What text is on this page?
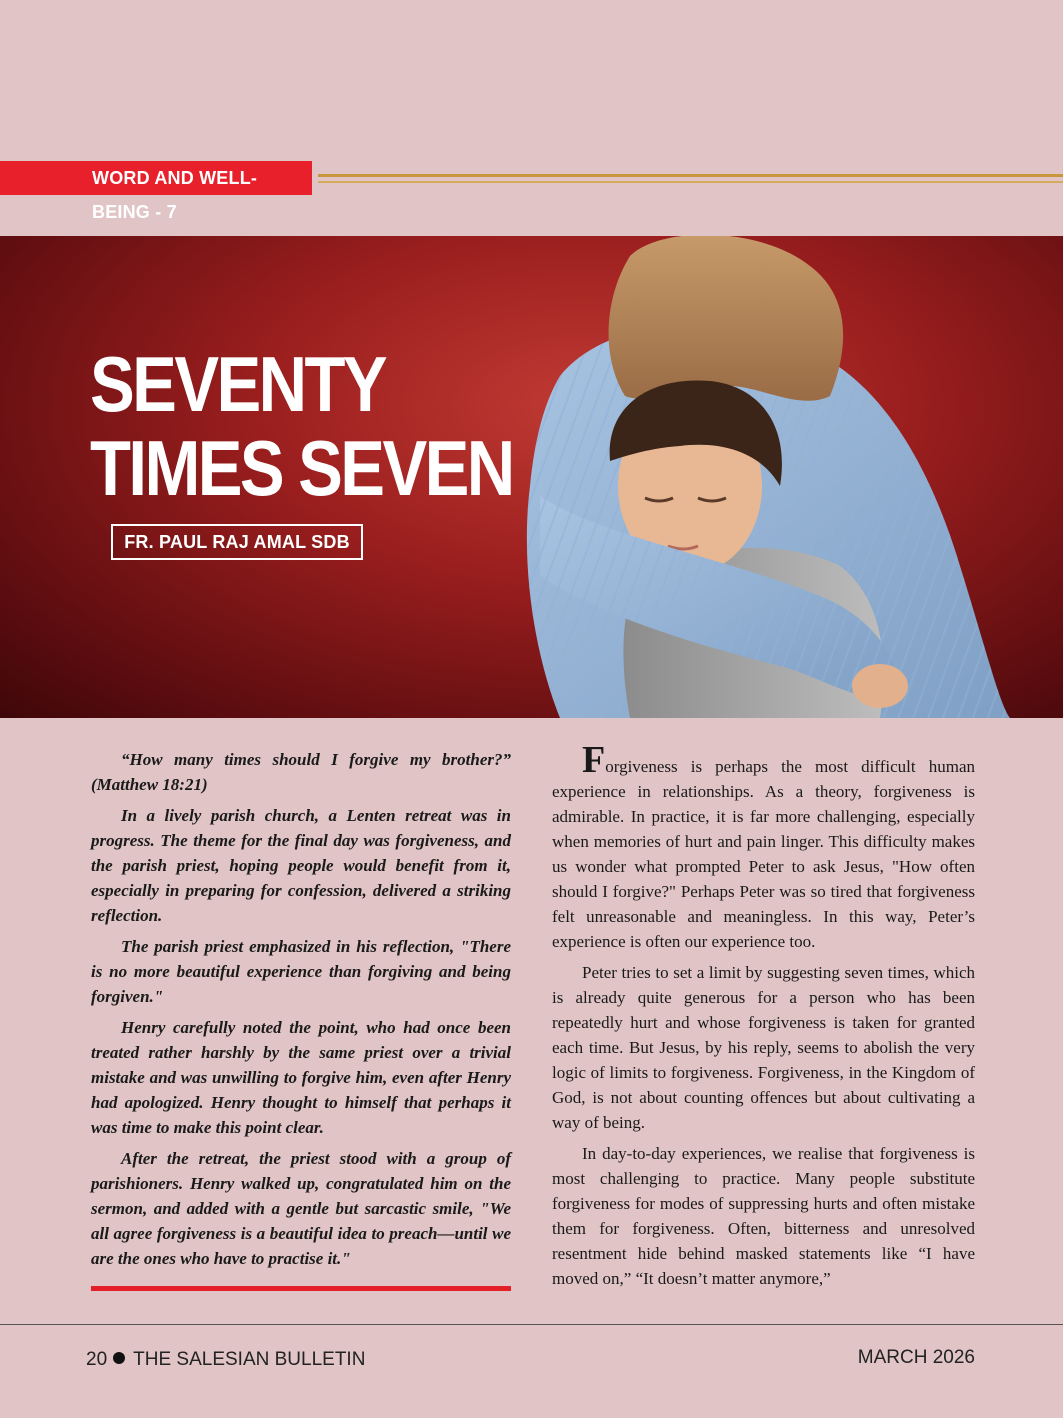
WORD AND WELL-BEING - 7
SEVENTY
TIMES SEVEN
FR. PAUL RAJ AMAL SDB

“How many times should I forgive my brother?” (Matthew 18:21)

In a lively parish church, a Lenten retreat was in progress. The theme for the final day was forgiveness, and the parish priest, hoping people would benefit from it, especially in preparing for confession, delivered a striking reflection.

The parish priest emphasized in his reflection, "There is no more beautiful experience than forgiving and being forgiven."

Henry carefully noted the point, who had once been treated rather harshly by the same priest over a trivial mistake and was unwilling to forgive him, even after Henry had apologized. Henry thought to himself that perhaps it was time to make this point clear.

After the retreat, the priest stood with a group of parishioners. Henry walked up, congratulated him on the sermon, and added with a gentle but sarcastic smile, "We all agree forgiveness is a beautiful idea to preach—until we are the ones who have to practise it."

Forgiveness is perhaps the most difficult human experience in relationships. As a theory, forgiveness is admirable. In practice, it is far more challenging, especially when memories of hurt and pain linger. This difficulty makes us wonder what prompted Peter to ask Jesus, "How often should I forgive?" Perhaps Peter was so tired that forgiveness felt unreasonable and meaningless. In this way, Peter’s experience is often our experience too.

Peter tries to set a limit by suggesting seven times, which is already quite generous for a person who has been repeatedly hurt and whose forgiveness is taken for granted each time. But Jesus, by his reply, seems to abolish the very logic of limits to forgiveness. Forgiveness, in the Kingdom of God, is not about counting offences but about cultivating a way of being.

In day-to-day experiences, we realise that forgiveness is most challenging to practice. Many people substitute forgiveness for modes of suppressing hurts and often mistake them for forgiveness. Often, bitterness and unresolved resentment hide behind masked statements like “I have moved on,” “It doesn’t matter anymore,”

20 THE SALESIAN BULLETIN	MARCH 2026
